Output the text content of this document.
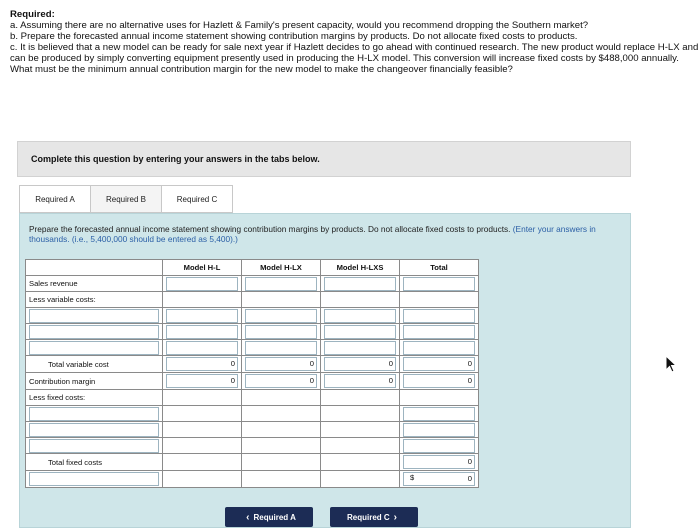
Required:

a. Assuming there are no alternative uses for Hazlett & Family's present capacity, would you recommend dropping the Southern market?

b. Prepare the forecasted annual income statement showing contribution margins by products. Do not allocate fixed costs to products.

c. It is believed that a new model can be ready for sale next year if Hazlett decides to go ahead with continued research. The new product would replace H-LX and can be produced by simply converting equipment presently used in producing the H-LX model. This conversion will increase fixed costs by $488,000 annually. What must be the minimum annual contribution margin for the new model to make the changeover financially feasible?

Complete this question by entering your answers in the tabs below.
Required A	Required B	Required C
Prepare the forecasted annual income statement showing contribution margins by products. Do not allocate fixed costs to products. (Enter your answers in thousands. (i.e., 5,400,000 should be entered as 5,400).)
	Model H-L	Model H-LX	Model H-LXS	Total
Sales revenue	

Less variable costs:				

Total variable cost	0	0	0	0

Contribution margin	0	0	0	0

Less fixed costs:				

Total fixed costs				0

				$ 0
‹ Required A	Required C ›
